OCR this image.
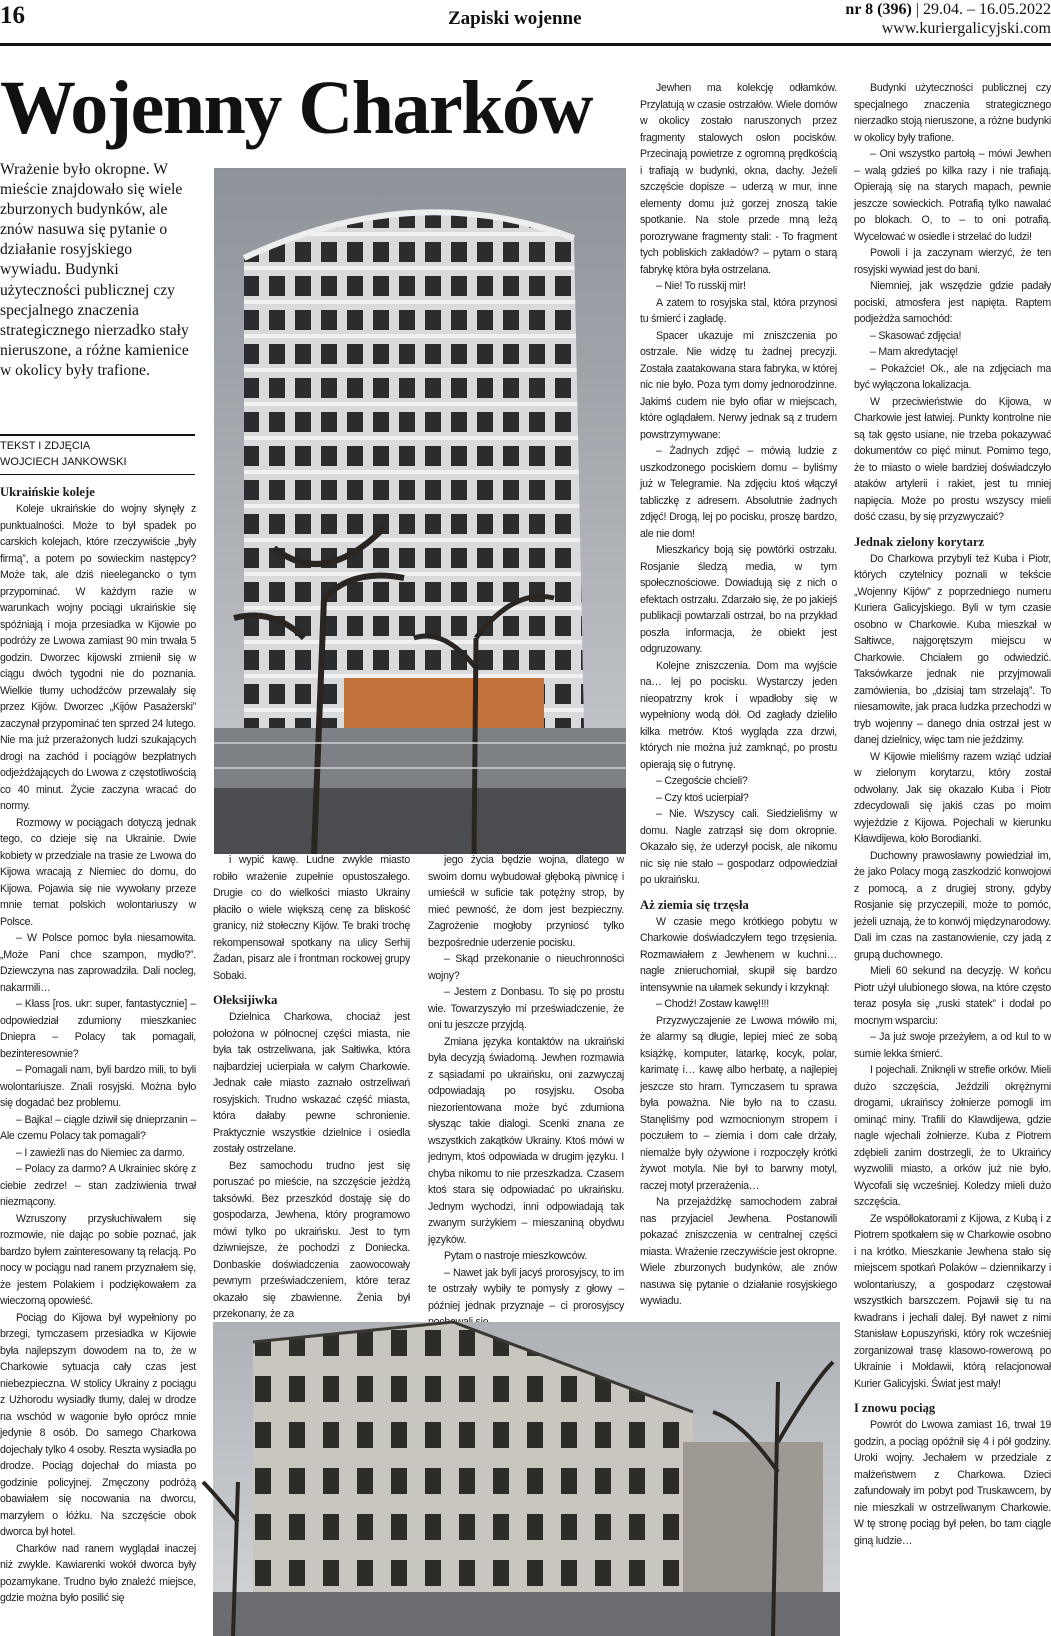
16	Zapiski wojenne	nr 8 (396) | 29.04. – 16.05.2022
www.kuriergalicyjski.com
Wojenny Charków
Wrażenie było okropne. W mieście znajdowało się wiele zburzonych budynków, ale znów nasuwa się pytanie o działanie rosyjskiego wywiadu. Budynki użyteczności publicznej czy specjalnego znaczenia strategicznego nierzadko stały nieruszone, a różne kamienice w okolicy były trafione.
TEKST I ZDJĘCIA
WOJCIECH JANKOWSKI
Ukraińskie koleje

Koleje ukraińskie do wojny słynęły z punktualności. Może to był spadek po carskich kolejach, które rzeczywiście „były firmą”, a potem po sowieckim następcy? Może tak, ale dziś nieelegancko o tym przypominać. W każdym razie w warunkach wojny pociągi ukraińskie się spóźniają i moja przesiadka w Kijowie po podróży ze Lwowa zamiast 90 min trwała 5 godzin. Dworzec kijowski zmienił się w ciągu dwóch tygodni nie do poznania. Wielkie tłumy uchodźców przewalały się przez Kijów. Dworzec „Kijów Pasażerski” zaczynał przypominać ten sprzed 24 lutego. Nie ma już przerażonych ludzi szukających drogi na zachód i pociągów bezpłatnych odjeżdżających do Lwowa z częstotliwością co 40 minut. Życie zaczyna wracać do normy.

Rozmowy w pociągach dotyczą jednak tego, co dzieje się na Ukrainie. Dwie kobiety w przedziale na trasie ze Lwowa do Kijowa wracają z Niemiec do domu, do Kijowa. Pojawia się nie wywołany przeze mnie temat polskich wolontariuszy w Polsce.

– W Polsce pomoc była niesamowita. „Może Pani chce szampon, mydło?”. Dziewczyna nas zaprowadziła. Dali nocleg, nakarmili…

– Kłass [ros. ukr: super, fantastycznie] – odpowiedział zdumiony mieszkaniec Dniepra – Polacy tak pomagali, bezinteresownie?

– Pomagali nam, byli bardzo mili, to byli wolontariusze. Znali rosyjski. Można było się dogadać bez problemu.

– Bajka! – ciągle dziwił się dnieprzanin – Ale czemu Polacy tak pomagali?

– I zawieźli nas do Niemiec za darmo.

– Polacy za darmo? A Ukrainiec skórę z ciebie zedrze! – stan zadziwienia trwał niezmącony.

Wzruszony przysłuchiwałem się rozmowie, nie dając po sobie poznać, jak bardzo byłem zainteresowany tą relacją. Po nocy w pociągu nad ranem przyznałem się, że jestem Polakiem i podziękowałem za wieczorną opowieść.

Pociąg do Kijowa był wypełniony po brzegi, tymczasem przesiadka w Kijowie była najlepszym dowodem na to, że w Charkowie sytuacja cały czas jest niebezpieczna. W stolicy Ukrainy z pociągu z Użhorodu wysiadły tłumy, dalej w drodze na wschód w wagonie było oprócz mnie jedynie 8 osób. Do samego Charkowa dojechały tylko 4 osoby. Reszta wysiadła po drodze. Pociąg dojechał do miasta po godzinie policyjnej. Zmęczony podróżą obawiałem się nocowania na dworcu, marzyłem o łóżku. Na szczęście obok dworca był hotel.

Charków nad ranem wyglądał inaczej niż zwykle. Kawiarenki wokół dworca były pozamykane. Trudno było znaleźć miejsce, gdzie można było posilić się

i wypić kawę. Ludne zwykle miasto robiło wrażenie zupełnie opustoszałego. Drugie co do wielkości miasto Ukrainy płaciło o wiele większą cenę za bliskość granicy, niż stołeczny Kijów. Te braki trochę rekompensował spotkany na ulicy Serhij Żadan, pisarz ale i frontman rockowej grupy Sobaki.

Ołeksijiwka

Dzielnica Charkowa, chociaż jest położona w północnej części miasta, nie była tak ostrzeliwana, jak Sałtiwka, która najbardziej ucierpiała w całym Charkowie. Jednak całe miasto zaznało ostrzeliwań rosyjskich. Trudno wskazać część miasta, która dałaby pewne schronienie. Praktycznie wszystkie dzielnice i osiedla zostały ostrzelane.

Bez samochodu trudno jest się poruszać po mieście, na szczęście jeżdżą taksówki. Bez przeszkód dostaję się do gospodarza, Jewhena, który programowo mówi tylko po ukraińsku. Jest to tym dziwniejsze, że pochodzi z Doniecka. Donbaskie doświadczenia zaowocowały pewnym przeświadczeniem, które teraz okazało się zbawienne. Żenia był przekonany, że za

jego życia będzie wojna, dlatego w swoim domu wybudował głęboką piwnicę i umieścił w suficie tak potężny strop, by mieć pewność, że dom jest bezpieczny. Zagrożenie mogłoby przyniosć tylko bezpośrednie uderzenie pocisku.

– Skąd przekonanie o nieuchronności wojny?

– Jestem z Donbasu. To się po prostu wie. Towarzyszyło mi przeświadczenie, że oni tu jeszcze przyjdą.

Zmiana języka kontaktów na ukraiński była decyzją świadomą. Jewhen rozmawia z sąsiadami po ukraińsku, oni zazwyczaj odpowiadają po rosyjsku. Osoba niezorientowana może być zdumiona słysząc takie dialogi. Scenki znana ze wszystkich zakątków Ukrainy. Ktoś mówi w jednym, ktoś odpowiada w drugim języku. I chyba nikomu to nie przeszkadza. Czasem ktoś stara się odpowiadać po ukraińsku. Jednym wychodzi, inni odpowiadają tak zwanym surżykiem – mieszaniną obydwu języków.

Pytam o nastroje mieszkowców.

– Nawet jak byli jacyś prorosyjscy, to im te ostrzały wybiły te pomysły z głowy – później jednak przyznaje – ci prorosyjscy

Jewhen ma kolekcję odłamków. Przylatują w czasie ostrzałów. Wiele domów w okolicy zostało naruszonych przez fragmenty stalowych osłon pocisków. Przecinają powietrze z ogromną prędkością i trafiają w budynki, okna, dachy. Jeżeli szczęście dopisze – uderzą w mur, inne elementy domu już gorzej znoszą takie spotkanie. Na stole przede mną leżą porozrywane fragmenty stali: - To fragment tych pobliskich zakładów? – pytam o starą fabrykę która była ostrzelana.

– Nie! To russkij mir!

A zatem to rosyjska stal, która przynosi tu śmierć i zagładę.

Spacer ukazuje mi zniszczenia po ostrzale. Nie widzę tu żadnej precyzji. Została zaatakowana stara fabryka, w której nic nie było. Poza tym domy jednorodzinne. Jakimś cudem nie było ofiar w miejscach, które oglądałem. Nerwy jednak są z trudem powstrzymywane:

– Żadnych zdjęć – mówią ludzie z uszkodzonego pociskiem domu – byliśmy już w Telegramie. Na zdjęciu ktoś włączył tabliczkę z adresem. Absolutnie żadnych zdjęć! Drogą, lej po pocisku, proszę bardzo, ale nie dom!

Mieszkańcy boją się powtórki ostrzału. Rosjanie śledzą media, w tym społecznościowe. Dowiadują się z nich o efektach ostrzału. Zdarzało się, że po jakiejś publikacji powtarzali ostrzał, bo na przykład poszła informacja, że obiekt jest odgruzowany.

Kolejne zniszczenia. Dom ma wyjście na… lej po pocisku. Wystarczy jeden nieopatrzny krok i wpadłoby się w wypełniony wodą dół. Od zagłady dzieliło kilka metrów. Ktoś wygląda zza drzwi, których nie można już zamknąć, po prostu opierają się o futrynę.

– Czegoście chcieli?

– Czy ktoś ucierpiał?

– Nie. Wszyscy cali. Siedzieliśmy w domu. Nagle zatrząsł się dom okropnie. Okazało się, że uderzył pocisk, ale nikomu nic się nie stało – gospodarz odpowiedział po ukraińsku.

Aż ziemia się trzęsła

W czasie mego krótkiego pobytu w Charkowie doświadczyłem tego trzęsienia. Rozmawiałem z Jewhenem w kuchni… nagle znieruchomiał, skupił się bardzo intensywnie na ułamek sekundy i krzyknął:

– Chodź! Zostaw kawę!!!!

Przyzwyczajenie ze Lwowa mówiło mi, że alarmy są długie, lepiej mieć ze sobą książkę, komputer, latarkę, kocyk, polar, karimatę i… kawę albo herbatę, a najlepiej jeszcze sto hram. Tymczasem tu sprawa była poważna. Nie było na to czasu. Stanęliśmy pod wzmocnionym stropem i poczułem to – ziemia i dom całe drżały, niemalże były ożywione i rozpoczęły krótki żywot motyla. Nie był to barwny motyl, raczej motyl przerażenia…

Na przejażdżkę samochodem zabrał nas przyjaciel Jewhena. Postanowili pokazać zniszczenia w centralnej części miasta. Wrażenie rzeczywiście jest okropne. Wiele zburzonych budynków, ale znów nasuwa się pytanie o działanie rosyjskiego wywiadu.

Budynki użyteczności publicznej czy specjalnego znaczenia strategicznego nierzadko stoją nieruszone, a różne budynki w okolicy były trafione.

– Oni wszystko partołą – mówi Jewhen – walą gdzieś po kilka razy i nie trafiają. Opierają się na starych mapach, pewnie jeszcze sowieckich. Potrafią tylko nawalać po blokach. O, to – to oni potrafią. Wycelować w osiedle i strzelać do ludzi!

Powoli i ja zaczynam wierzyć, że ten rosyjski wywiad jest do bani.

Niemniej, jak wszędzie gdzie padały pociski, atmosfera jest napięta. Raptem podjeżdża samochód:

– Skasować zdjęcia!

– Mam akredytację!

– Pokażcie! Ok., ale na zdjęciach ma być wyłączona lokalizacja.

W przeciwieństwie do Kijowa, w Charkowie jest łatwiej. Punkty kontrolne nie są tak gęsto usiane, nie trzeba pokazywać dokumentów co pięć minut. Pomimo tego, że to miasto o wiele bardziej doświadczyło ataków artylerii i rakiet, jest tu mniej napięcia. Może po prostu wszyscy mieli dość czasu, by się przyzwyczaić?

Jednak zielony korytarz

Do Charkowa przybyli też Kuba i Piotr, których czytelnicy poznali w tekście „Wojenny Kijów” z poprzedniego numeru Kuriera Galicyjskiego. Byli w tym czasie osobno w Charkowie. Kuba mieszkał w Sałtiwce, najgorętszym miejscu w Charkowie. Chciałem go odwiedzić. Taksówkarze jednak nie przyjmowali zamówienia, bo „dzisiaj tam strzelają”. To niesamowite, jak praca ludzka przechodzi w tryb wojenny – danego dnia ostrzał jest w danej dzielnicy, więc tam nie jeździmy.

W Kijowie mieliśmy razem wziąć udział w zielonym korytarzu, który został odwołany. Jak się okazało Kuba i Piotr zdecydowali się jakiś czas po moim wyjeździe z Kijowa. Pojechali w kierunku Kławdijewa, koło Borodianki.

Duchowny prawosławny powiedział im, że jako Polacy mogą zaszkodzić konwojowi z pomocą, a z drugiej strony, gdyby Rosjanie się przyczepili, może to pomóc, jeżeli uznają, że to konwój międzynarodowy. Dali im czas na zastanowienie, czy jadą z grupą duchownego.

Mieli 60 sekund na decyzję. W końcu Piotr użył ulubionego słowa, na które często teraz posyła się „ruski statek” i dodał po mocnym wsparciu:

– Ja już swoje przeżyłem, a od kul to w sumie lekka śmierć.

I pojechali. Zniknęli w strefie orków. Mieli dużo szczęścia, Jeździli okrężnymi drogami, ukraińscy żołnierze pomogli im ominąć miny. Trafili do Kławdijewa, gdzie nagle wjechali żołnierze. Kuba z Piotrem zdębieli zanim dostrzegli, że to Ukraińcy wyzwolili miasto, a orków już nie było. Wycofali się wcześniej. Koledzy mieli dużo szczęścia.

Ze współlokatorami z Kijowa, z Kubą i z Piotrem spotkałem się w Charkowie osobno i na krótko. Mieszkanie Jewhena stało się miejscem spotkań Polaków – dziennikarzy i wolontariuszy, a gospodarz częstował wszystkich barszczem. Pojawił się tu na kwadrans i jechali dalej. Był nawet z nimi Stanisław Łopuszyński, który rok wcześniej zorganizował trasę klasowo-rowerową po Ukrainie i Mołdawii, którą relacjonował Kurier Galicyjski. Świat jest mały!

I znowu pociąg

Powrót do Lwowa zamiast 16, trwał 19 godzin, a pociąg opóźnił się 4 i pół godziny. Uroki wojny. Jechałem w przedziale z małżeństwem z Charkowa. Dzieci zafundowały im pobyt pod Truskawcem, by nie mieszkali w ostrzeliwanym Charkowie. W tę stronę pociąg był pełen, bo tam ciągle giną ludzie…
